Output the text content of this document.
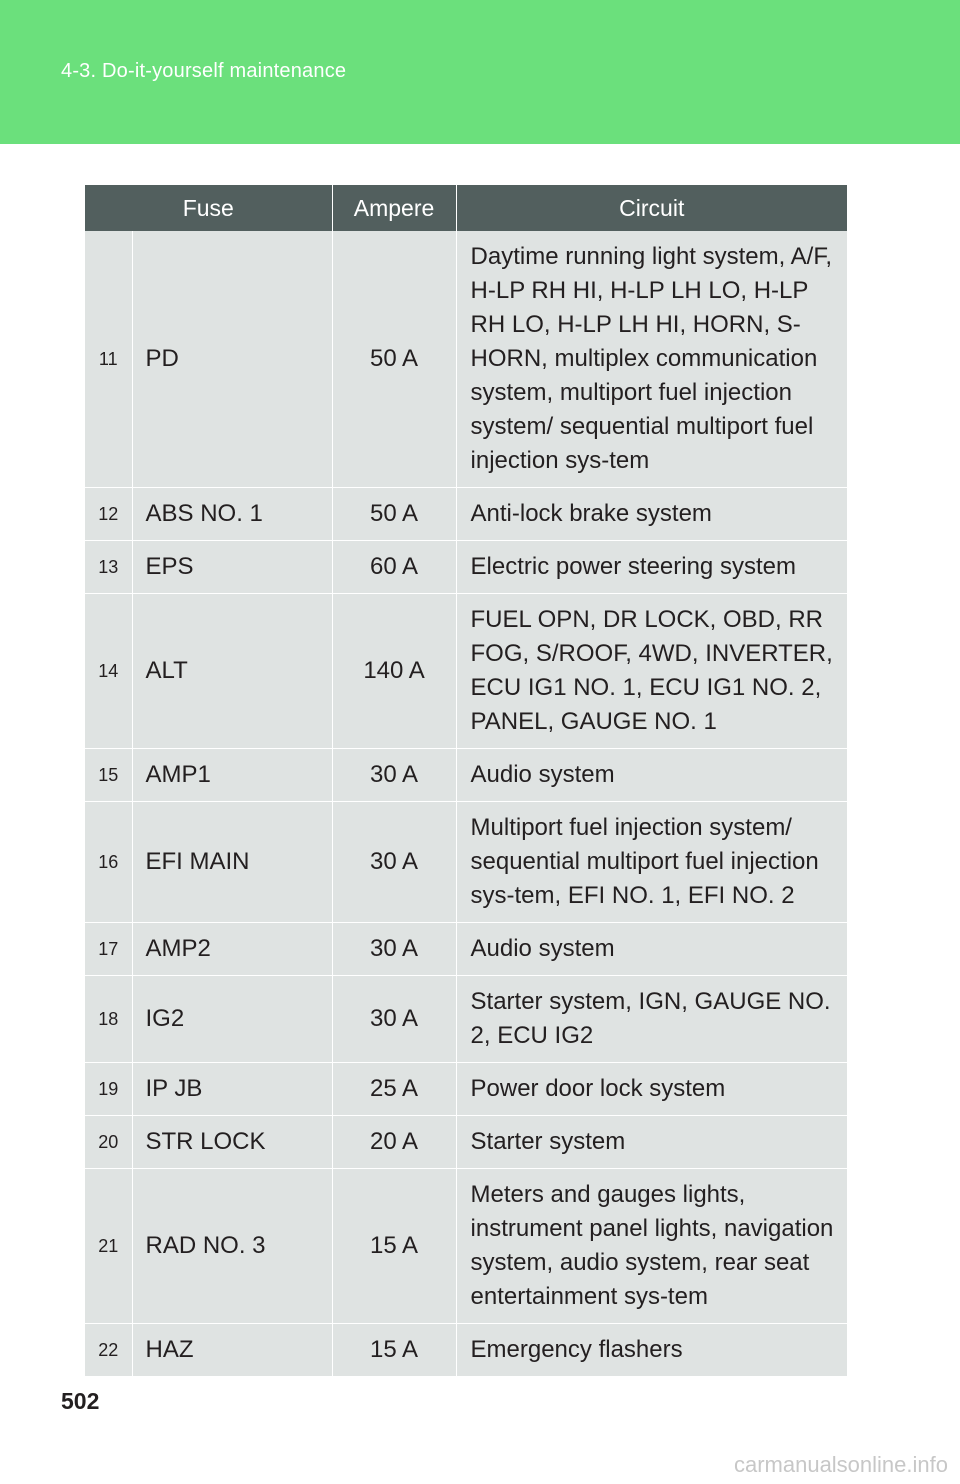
4-3. Do-it-yourself maintenance
Fuse		Ampere	Circuit
11	PD	50 A	Daytime running light system, A/F, H-LP RH HI, H-LP LH LO, H-LP RH LO, H-LP LH HI, HORN, S-HORN, multiplex communication system, multiport fuel injection system/ sequential multiport fuel injection sys-tem
12	ABS NO. 1	50 A	Anti-lock brake system
13	EPS	60 A	Electric power steering system
14	ALT	140 A	FUEL OPN, DR LOCK, OBD, RR FOG, S/ROOF, 4WD, INVERTER, ECU IG1 NO. 1, ECU IG1 NO. 2, PANEL, GAUGE NO. 1
15	AMP1	30 A	Audio system
16	EFI MAIN	30 A	Multiport fuel injection system/ sequential multiport fuel injection sys-tem, EFI NO. 1, EFI NO. 2
17	AMP2	30 A	Audio system
18	IG2	30 A	Starter system, IGN, GAUGE NO. 2, ECU IG2
19	IP JB	25 A	Power door lock system
20	STR LOCK	20 A	Starter system
21	RAD NO. 3	15 A	Meters and gauges lights, instrument panel lights, navigation system, audio system, rear seat entertainment sys-tem
22	HAZ	15 A	Emergency flashers
502
carmanualsonline.info
